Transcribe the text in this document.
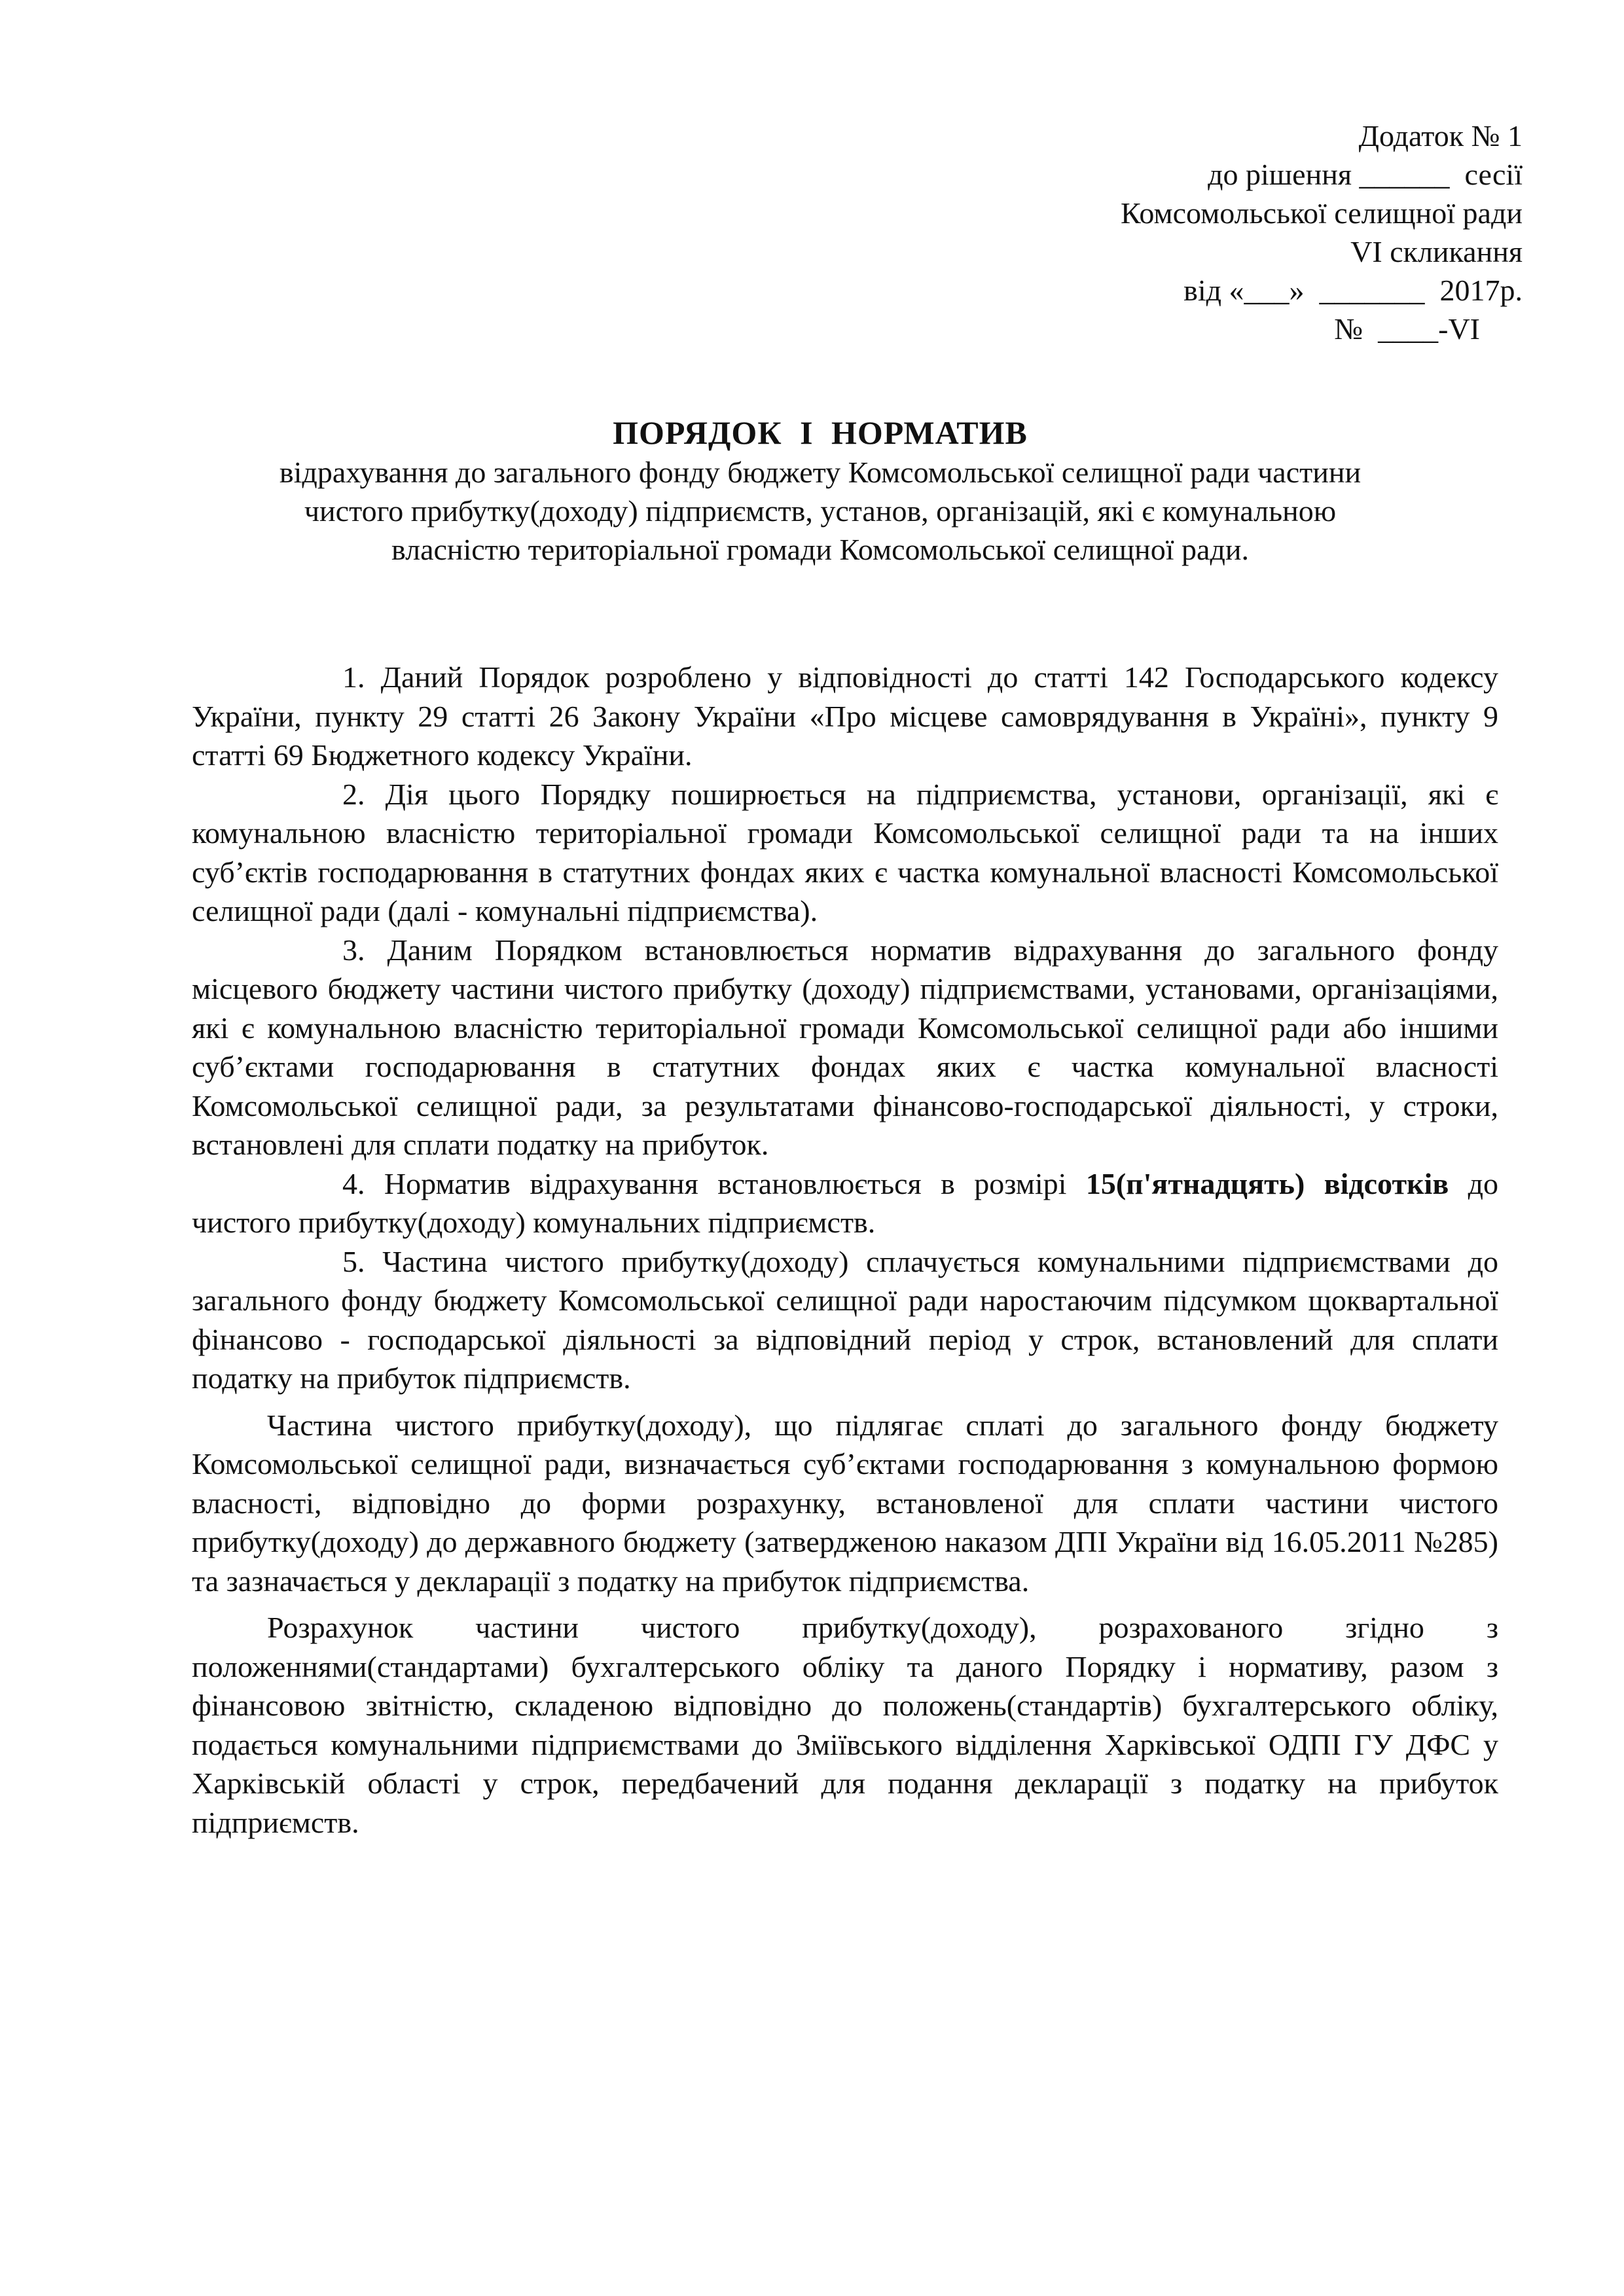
Додаток № 1
до рішення ______  сесії
Комсомольської селищної ради
VI скликання
від «___»  _______  2017р.
№  ____-VI
ПОРЯДОК І НОРМАТИВ
відрахування до загального фонду бюджету Комсомольської селищної ради частини
чистого прибутку(доходу) підприємств, установ, організацій, які є комунальною
власністю територіальної громади Комсомольської селищної ради.

1. Даний Порядок розроблено у відповідності до статті 142 Господарського кодексу України, пункту 29 статті 26 Закону України «Про місцеве самоврядування в Україні», пункту 9 статті 69 Бюджетного кодексу України.

2. Дія цього Порядку поширюється на підприємства, установи, організації, які є комунальною власністю територіальної громади Комсомольської селищної ради та на інших суб’єктів господарювання в статутних фондах яких є частка комунальної власності Комсомольської селищної ради (далі - комунальні підприємства).

3. Даним Порядком встановлюється норматив відрахування до загального фонду місцевого бюджету частини чистого прибутку (доходу) підприємствами, установами, організаціями, які є комунальною власністю територіальної громади Комсомольської селищної ради або іншими суб’єктами господарювання в статутних фондах яких є частка комунальної власності Комсомольської селищної ради, за результатами фінансово-господарської діяльності, у строки, встановлені для сплати податку на прибуток.

4. Норматив відрахування встановлюється в розмірі 15(п'ятнадцять) відсотків до чистого прибутку(доходу) комунальних підприємств.

5. Частина чистого прибутку(доходу) сплачується комунальними підприємствами до загального фонду бюджету Комсомольської селищної ради наростаючим підсумком щоквартальної фінансово - господарської діяльності за відповідний період у строк, встановлений для сплати податку на прибуток підприємств.

Частина чистого прибутку(доходу), що підлягає сплаті до загального фонду бюджету Комсомольської селищної ради, визначається суб’єктами господарювання з комунальною формою власності, відповідно до форми розрахунку, встановленої для сплати частини чистого прибутку(доходу) до державного бюджету (затвердженою наказом ДПІ України від 16.05.2011 №285) та зазначається у декларації з податку на прибуток підприємства.

Розрахунок частини чистого прибутку(доходу), розрахованого згідно з положеннями(стандартами) бухгалтерського обліку та даного Порядку і нормативу, разом з фінансовою звітністю, складеною відповідно до положень(стандартів) бухгалтерського обліку, подається комунальними підприємствами до Зміївського відділення Харківської ОДПІ ГУ ДФС у Харківській області у строк, передбачений для подання декларації з податку на прибуток підприємств.
